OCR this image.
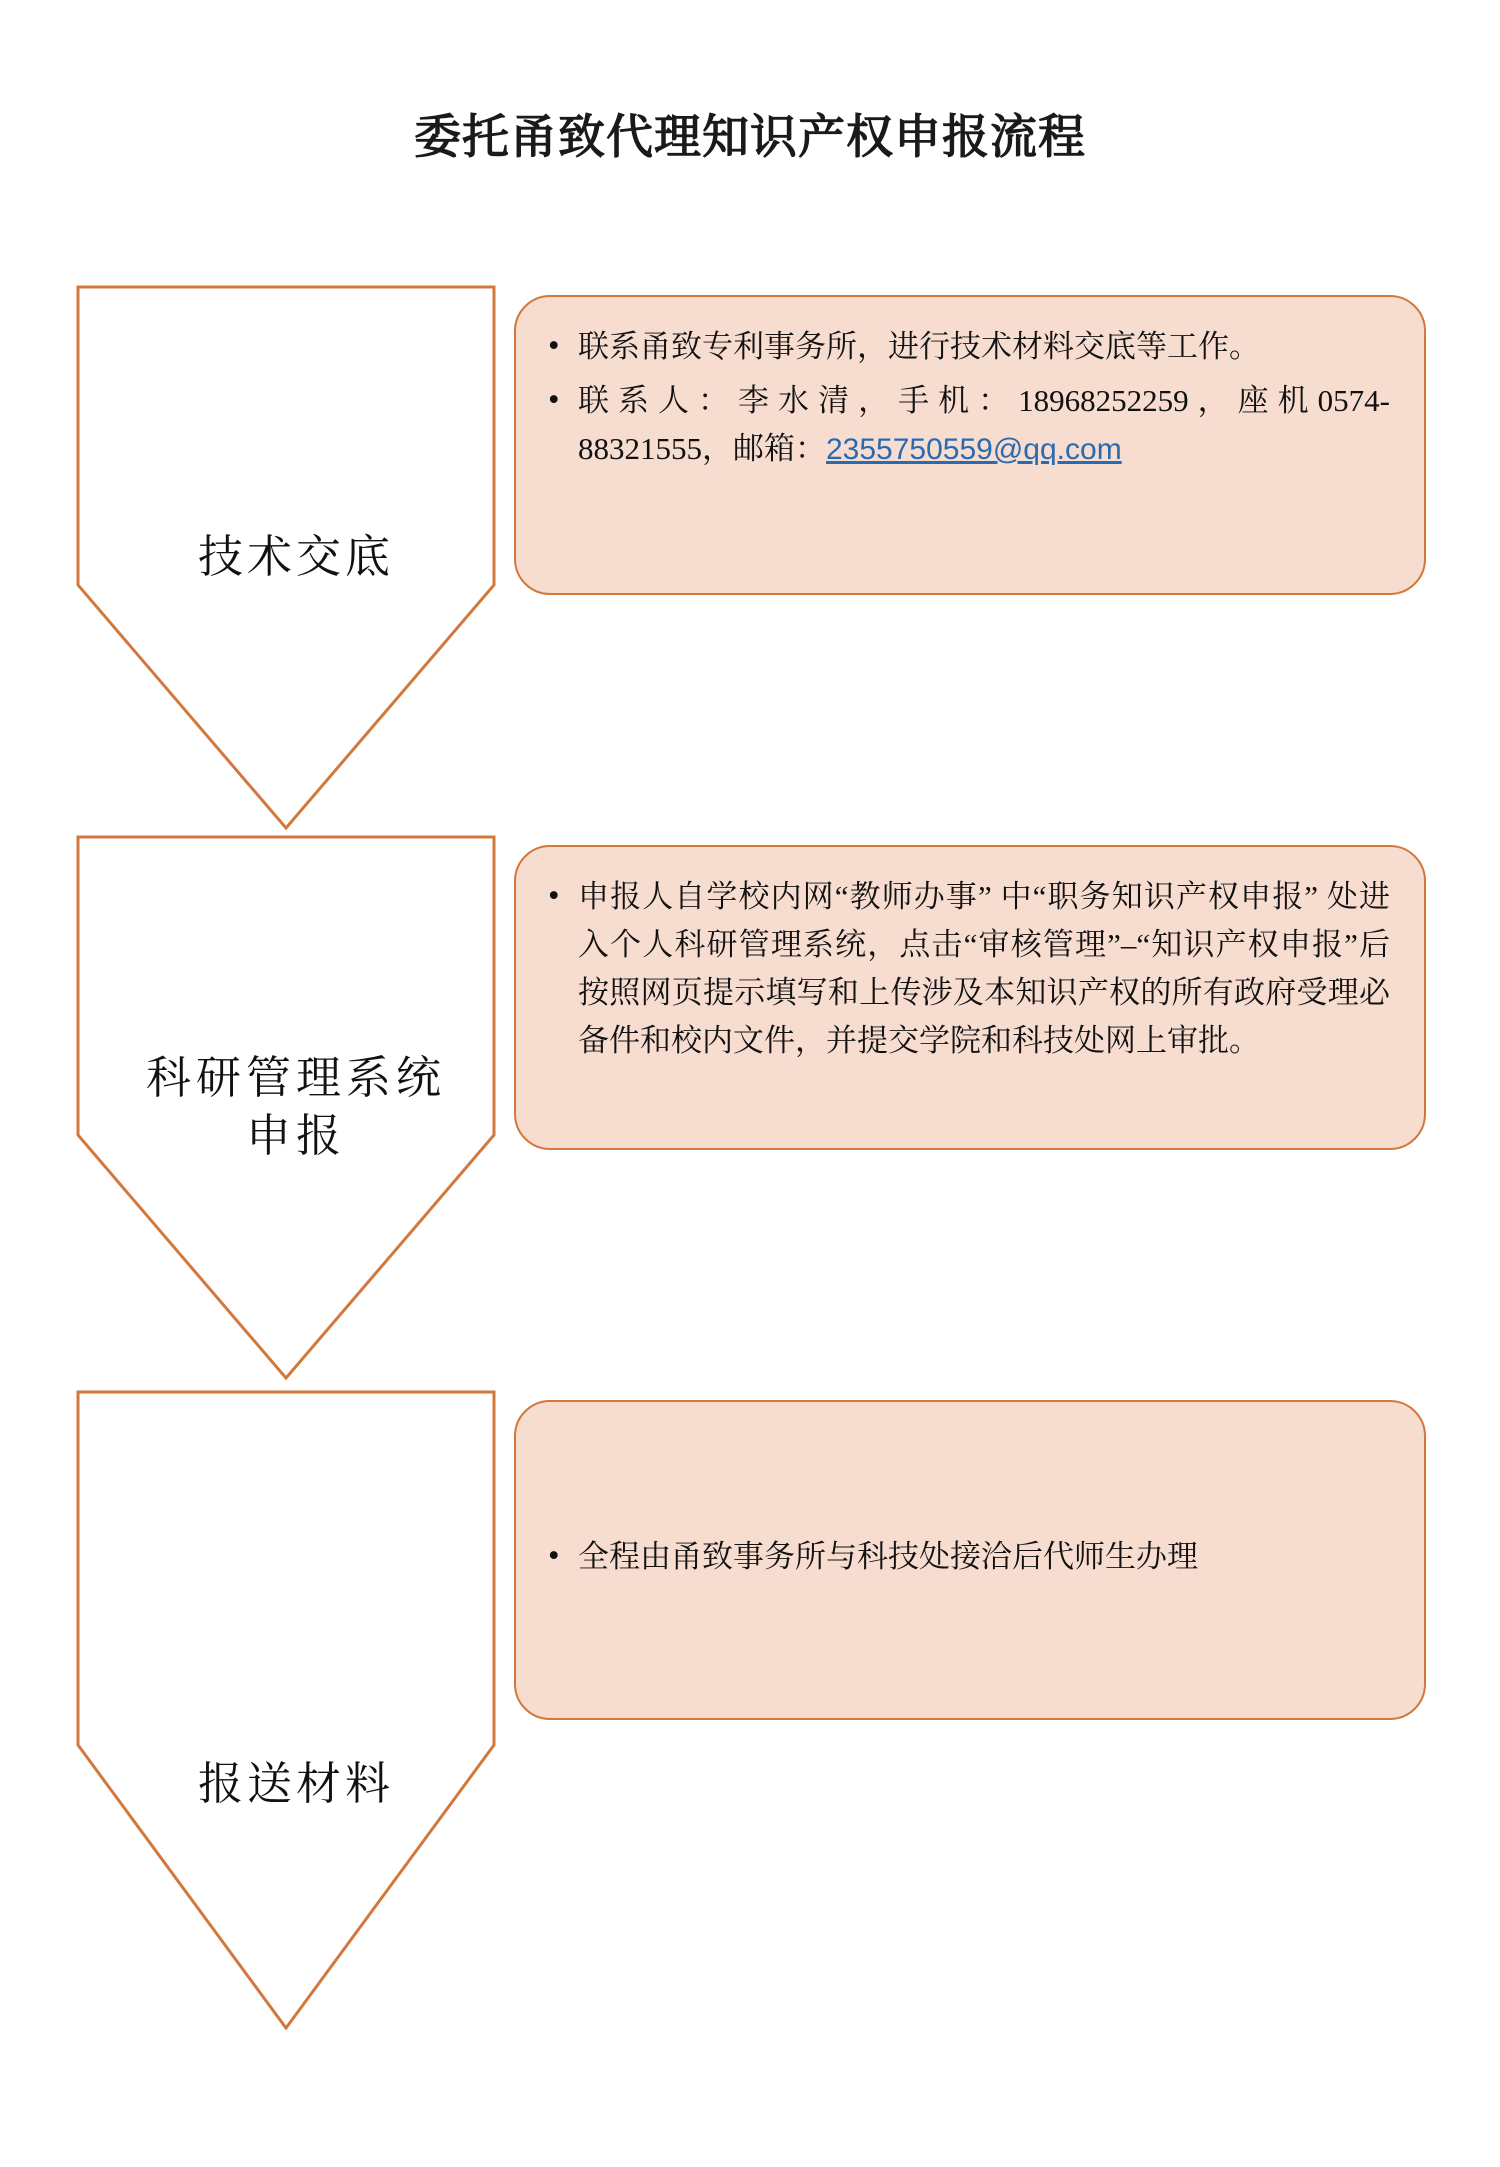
委托甬致代理知识产权申报流程
技术交底
• 联系甬致专利事务所，进行技术材料交底等工作。
• 联系人：李水清，手机：18968252259，座机0574-88321555，邮箱：2355750559@qq.com
科研管理系统申报
• 申报人自学校内网“教师办事” 中“职务知识产权申报” 处进入个人科研管理系统，点击“审核管理”–“知识产权申报”后按照网页提示填写和上传涉及本知识产权的所有政府受理必备件和校内文件，并提交学院和科技处网上审批。
报送材料
• 全程由甬致事务所与科技处接洽后代师生办理
